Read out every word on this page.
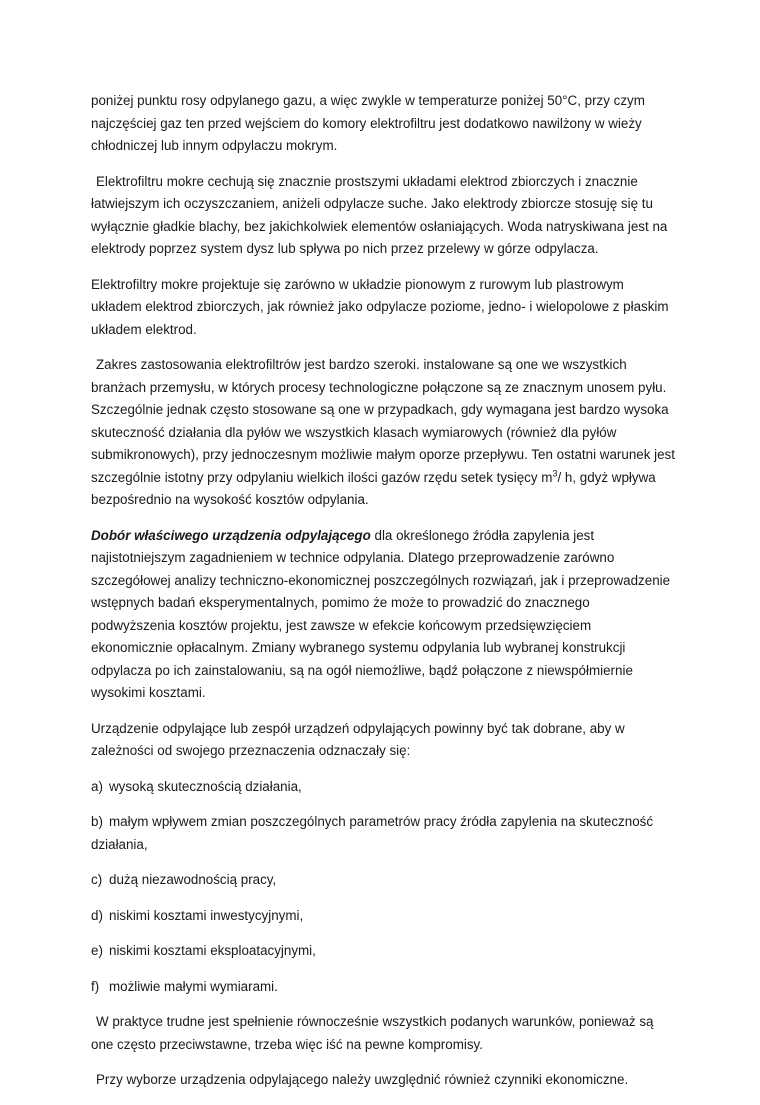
poniżej punktu rosy odpylanego gazu, a więc zwykle w temperaturze poniżej 50°C, przy czym najczęściej gaz ten przed wejściem do komory elektrofiltru jest dodatkowo nawilżony w wieży chłodniczej lub innym odpylaczu mokrym.

Elektrofiltru mokre cechują się znacznie prostszymi układami elektrod zbiorczych i znacznie łatwiejszym ich oczyszczaniem, aniżeli odpylacze suche. Jako elektrody zbiorcze stosuję się tu wyłącznie gładkie blachy, bez jakichkolwiek elementów osłaniających. Woda natryskiwana jest na elektrody poprzez system dysz lub spływa po nich przez przelewy w górze odpylacza.

Elektrofiltry mokre projektuje się zarówno w układzie pionowym z rurowym lub plastrowym układem elektrod zbiorczych, jak również jako odpylacze poziome, jedno- i wielopolowe z płaskim układem elektrod.

Zakres zastosowania elektrofiltrów jest bardzo szeroki. instalowane są one we wszystkich branżach przemysłu, w których procesy technologiczne połączone są ze znacznym unosem pyłu. Szczególnie jednak często stosowane są one w przypadkach, gdy wymagana jest bardzo wysoka skuteczność działania dla pyłów we wszystkich klasach wymiarowych (również dla pyłów submikronowych), przy jednoczesnym możliwie małym oporze przepływu. Ten ostatni warunek jest szczególnie istotny przy odpylaniu wielkich ilości gazów rzędu setek tysięcy $m^3/$ h, gdyż wpływa bezpośrednio na wysokość kosztów odpylania.

Dobór właściwego urządzenia odpylającego dla określonego źródła zapylenia jest najistotniejszym zagadnieniem w technice odpylania. Dlatego przeprowadzenie zarówno szczegółowej analizy techniczno-ekonomicznej poszczególnych rozwiązań, jak i przeprowadzenie wstępnych badań eksperymentalnych, pomimo że może to prowadzić do znacznego podwyższenia kosztów projektu, jest zawsze w efekcie końcowym przedsięwzięciem ekonomicznie opłacalnym. Zmiany wybranego systemu odpylania lub wybranej konstrukcji odpylacza po ich zainstalowaniu, są na ogół niemożliwe, bądź połączone z niewspółmiernie wysokimi kosztami.

Urządzenie odpylające lub zespół urządzeń odpylających powinny być tak dobrane, aby w zależności od swojego przeznaczenia odznaczały się:

a) wysoką skutecznością działania,

b) małym wpływem zmian poszczególnych parametrów pracy źródła zapylenia na skuteczność działania,

c) dużą niezawodnością pracy,

d) niskimi kosztami inwestycyjnymi,

e) niskimi kosztami eksploatacyjnymi,

f) możliwie małymi wymiarami.

W praktyce trudne jest spełnienie równocześnie wszystkich podanych warunków, ponieważ są one często przeciwstawne, trzeba więc iść na pewne kompromisy.

Przy wyborze urządzenia odpylającego należy uwzględnić również czynniki ekonomiczne.
